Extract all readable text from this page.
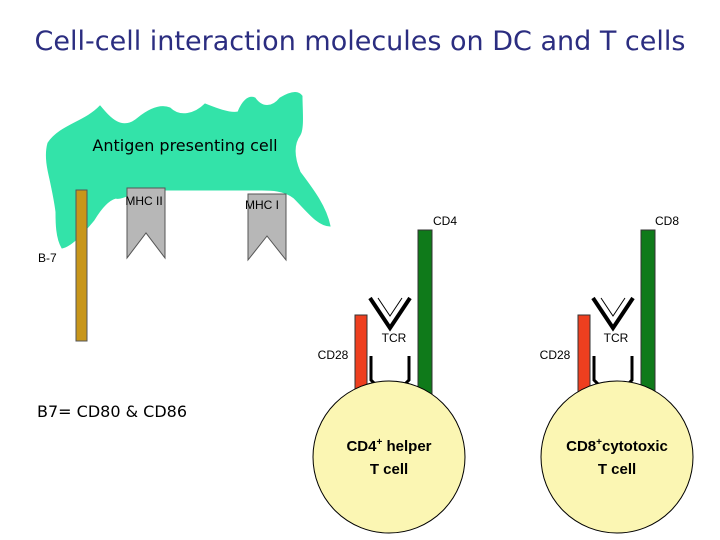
Cell-cell interaction molecules on DC and T cells
Antigen presenting cell
MHC II	MHC I
B-7
CD4	CD8
TCR	TCR
CD28	CD28
B7= CD80 & CD86
CD4+ helper
T cell
CD8+cytotoxic
T cell
